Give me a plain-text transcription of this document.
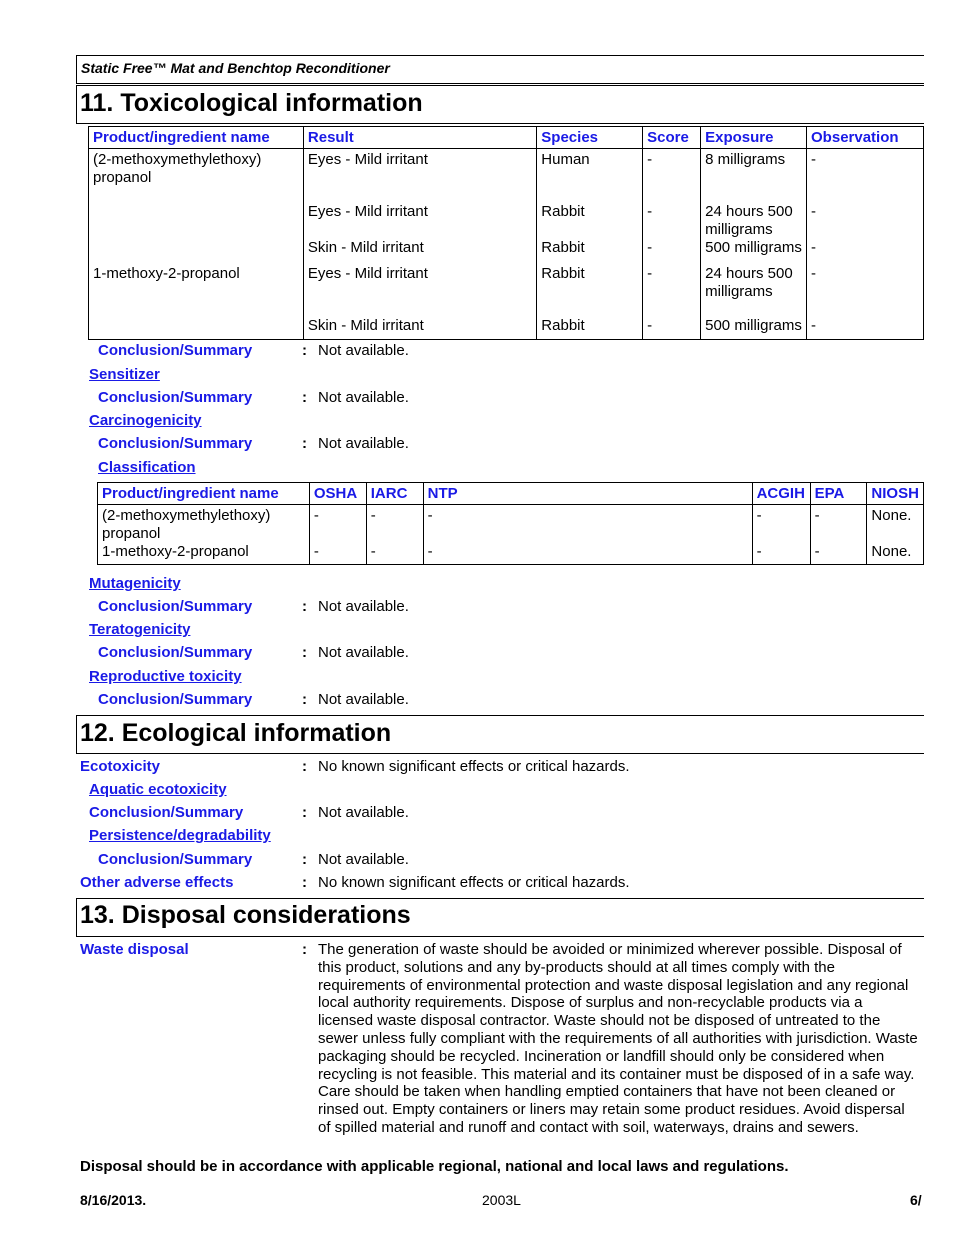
Static Free™ Mat and Benchtop Reconditioner
11. Toxicological information
Product/ingredient name	Result	Species	Score	Exposure	Observation
(2-methoxymethylethoxy) propanol	Eyes - Mild irritant	Human	-	8 milligrams	-
	Eyes - Mild irritant	Rabbit	-	24 hours 500 milligrams	-
	Skin - Mild irritant	Rabbit	-	500 milligrams	-
1-methoxy-2-propanol	Eyes - Mild irritant	Rabbit	-	24 hours 500 milligrams	-
	Skin - Mild irritant	Rabbit	-	500 milligrams	-
Conclusion/Summary	: Not available.
Sensitizer
Conclusion/Summary	: Not available.
Carcinogenicity
Conclusion/Summary	: Not available.
Classification
Product/ingredient name	OSHA	IARC	NTP	ACGIH	EPA	NIOSH
(2-methoxymethylethoxy) propanol	-	-	-	-	-	None.
1-methoxy-2-propanol	-	-	-	-	-	None.
Mutagenicity
Conclusion/Summary	: Not available.
Teratogenicity
Conclusion/Summary	: Not available.
Reproductive toxicity
Conclusion/Summary	: Not available.
12. Ecological information
Ecotoxicity	: No known significant effects or critical hazards.
Aquatic ecotoxicity
Conclusion/Summary	: Not available.
Persistence/degradability
Conclusion/Summary	: Not available.
Other adverse effects	: No known significant effects or critical hazards.
13. Disposal considerations
Waste disposal	: The generation of waste should be avoided or minimized wherever possible. Disposal of this product, solutions and any by-products should at all times comply with the requirements of environmental protection and waste disposal legislation and any regional local authority requirements. Dispose of surplus and non-recyclable products via a licensed waste disposal contractor. Waste should not be disposed of untreated to the sewer unless fully compliant with the requirements of all authorities with jurisdiction. Waste packaging should be recycled. Incineration or landfill should only be considered when recycling is not feasible. This material and its container must be disposed of in a safe way. Care should be taken when handling emptied containers that have not been cleaned or rinsed out. Empty containers or liners may retain some product residues. Avoid dispersal of spilled material and runoff and contact with soil, waterways, drains and sewers.
Disposal should be in accordance with applicable regional, national and local laws and regulations.
8/16/2013.	2003L	6/
